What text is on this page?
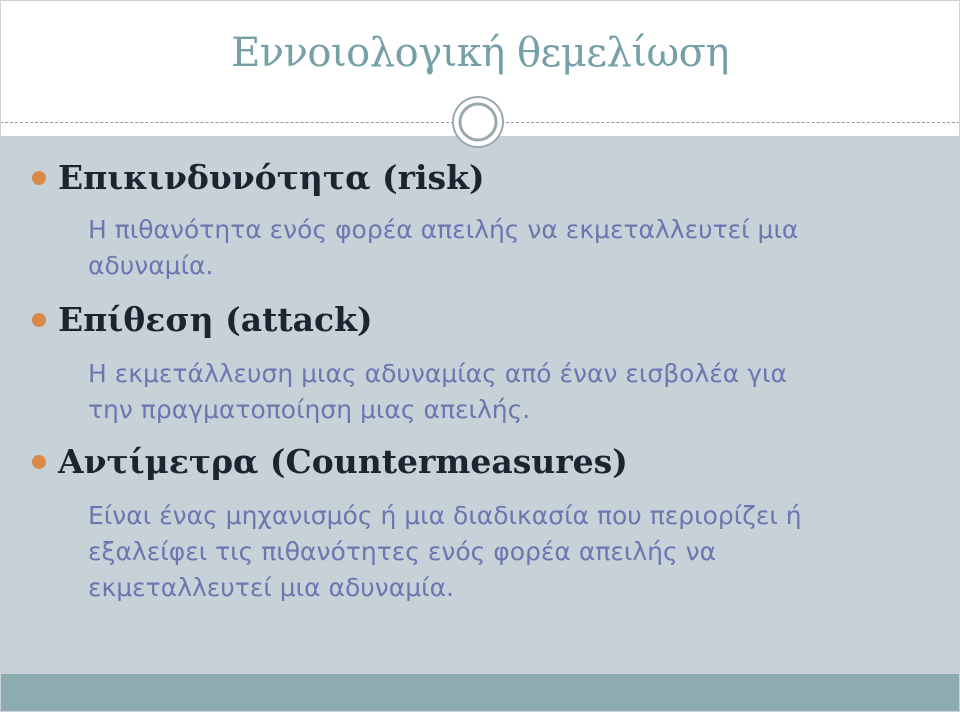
Εννοιολογική θεμελίωση
Επικινδυνότητα (risk)
Η πιθανότητα ενός φορέα απειλής να εκμεταλλευτεί μια
αδυναμία.
Επίθεση (attack)
Η εκμετάλλευση μιας αδυναμίας από έναν εισβολέα για
την πραγματοποίηση μιας απειλής.
Αντίμετρα (Countermeasures)
Είναι ένας μηχανισμός ή μια διαδικασία που περιορίζει ή
εξαλείφει τις πιθανότητες ενός φορέα απειλής να
εκμεταλλευτεί μια αδυναμία.
